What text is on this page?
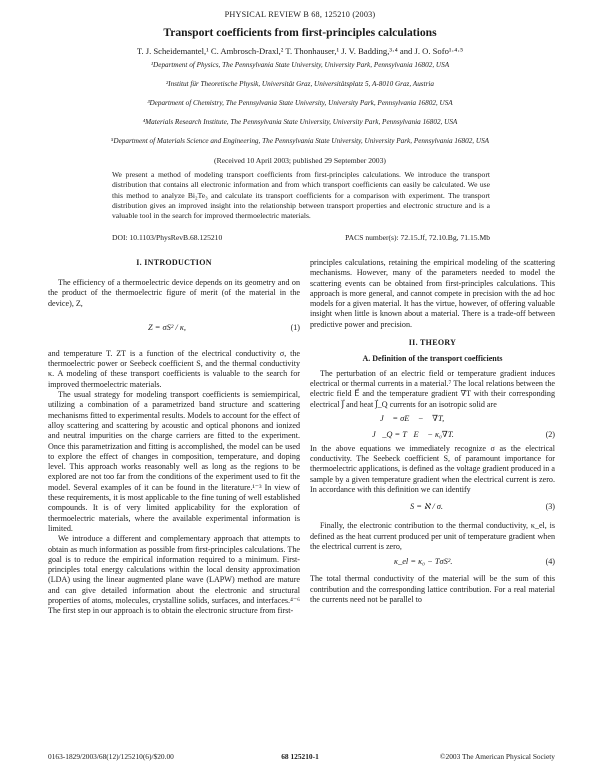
PHYSICAL REVIEW B 68, 125210 (2003)
Transport coefficients from first-principles calculations
T. J. Scheidemantel,¹ C. Ambrosch-Draxl,² T. Thonhauser,¹ J. V. Badding,³·⁴ and J. O. Sofo¹·⁴·⁵
¹Department of Physics, The Pennsylvania State University, University Park, Pennsylvania 16802, USA
²Institut für Theoretische Physik, Universität Graz, Universitätsplatz 5, A-8010 Graz, Austria
³Department of Chemistry, The Pennsylvania State University, University Park, Pennsylvania 16802, USA
⁴Materials Research Institute, The Pennsylvania State University, University Park, Pennsylvania 16802, USA
⁵Department of Materials Science and Engineering, The Pennsylvania State University, University Park, Pennsylvania 16802, USA
(Received 10 April 2003; published 29 September 2003)
We present a method of modeling transport coefficients from first-principles calculations. We introduce the transport distribution that contains all electronic information and from which transport coefficients can easily be calculated. We use this method to analyze Bi₂Te₃ and calculate its transport coefficients for a comparison with experiment. The transport distribution gives an improved insight into the relationship between transport properties and electronic structure and is a valuable tool in the search for improved thermoelectric materials.
DOI: 10.1103/PhysRevB.68.125210	PACS number(s): 72.15.Jf, 72.10.Bg, 71.15.Mb
I. INTRODUCTION

The efficiency of a thermoelectric device depends on its geometry and on the product of the thermoelectric figure of merit (of the material in the device), Z,

Z = σS² / κ,	(1)

and temperature T. ZT is a function of the electrical conductivity σ, the thermoelectric power or Seebeck coefficient S, and the thermal conductivity κ. A modeling of these transport coefficients is valuable to the search for improved thermoelectric materials.

The usual strategy for modeling transport coefficients is semiempirical, utilizing a combination of a parametrized band structure and scattering mechanisms fitted to experimental results. Models to account for the effect of alloy scattering and scattering by acoustic and optical phonons and ionized and neutral impurities on the charge carriers are fitted to the experiment. Once this parametrization and fitting is accomplished, the model can be used to explore the effect of changes in composition, temperature, and doping level. This approach works reasonably well as long as the regions to be explored are not too far from the conditions of the experiment used to fit the model. Several examples of it can be found in the literature.¹⁻³ In view of these requirements, it is most applicable to the fine tuning of well established compounds. It is of very limited applicability for the exploration of thermoelectric materials, where the available experimental information is limited.

We introduce a different and complementary approach that attempts to obtain as much information as possible from first-principles calculations. The goal is to reduce the empirical information required to a minimum. First-principles total energy calculations within the local density approximation (LDA) using the linear augmented plane wave (LAPW) method are mature and can give detailed information about the electronic and structural properties of atoms, molecules, crystalline solids, surfaces, and interfaces.⁴⁻⁶ The first step in our approach is to obtain the electronic structure from first-

principles calculations, retaining the empirical modeling of the scattering mechanisms. However, many of the parameters needed to model the scattering events can be obtained from first-principles calculations. This approach is more general, and cannot compete in precision with the ad hoc models for a given material. It has the virtue, however, of offering valuable insight when little is known about a material. There is a trade-off between predictive power and precision.

II. THEORY
A. Definition of the transport coefficients

The perturbation of an electric field or temperature gradient induces electrical or thermal currents in a material.⁷ The local relations between the electric field E⃗ and the temperature gradient ∇T with their corresponding electrical J⃗ and heat J⃗_Q currents for an isotropic solid are

J⃗ = σE⃗ − ℵ∇T,
J⃗_Q = TℵE⃗ − κ₀∇T.	(2)

In the above equations we immediately recognize σ as the electrical conductivity. The Seebeck coefficient S, of paramount importance for thermoelectric applications, is defined as the voltage gradient produced in a sample by a given temperature gradient when the electrical current is zero. In accordance with this definition we can identify

S = ℵ / σ.	(3)

Finally, the electronic contribution to the thermal conductivity, κ_el, is defined as the heat current produced per unit of temperature gradient when the electrical current is zero,

κ_el = κ₀ − TσS².	(4)

The total thermal conductivity of the material will be the sum of this contribution and the corresponding lattice contribution. For a real material the currents need not be parallel to

0163-1829/2003/68(12)/125210(6)/$20.00	68 125210-1	©2003 The American Physical Society
